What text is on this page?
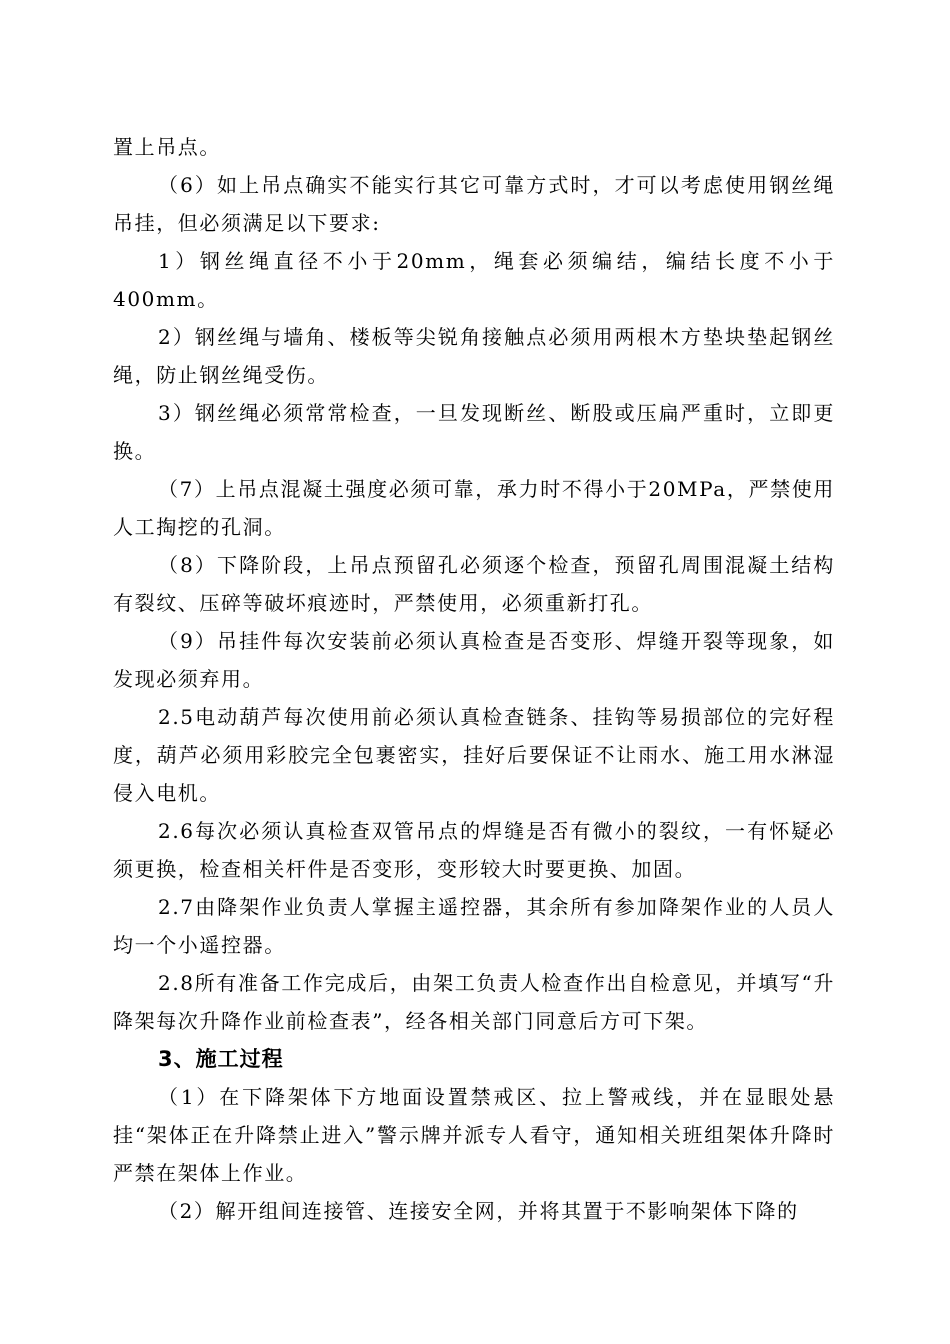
置上吊点。

（6）如上吊点确实不能实行其它可靠方式时，才可以考虑使用钢丝绳吊挂，但必须满足以下要求:

1）钢丝绳直径不小于20mm，绳套必须编结，编结长度不小于400mm。

2）钢丝绳与墙角、楼板等尖锐角接触点必须用两根木方垫块垫起钢丝绳，防止钢丝绳受伤。

3）钢丝绳必须常常检查，一旦发现断丝、断股或压扁严重时，立即更换。

（7）上吊点混凝土强度必须可靠，承力时不得小于20MPa，严禁使用人工掏挖的孔洞。

（8）下降阶段，上吊点预留孔必须逐个检查，预留孔周围混凝土结构有裂纹、压碎等破坏痕迹时，严禁使用，必须重新打孔。

（9）吊挂件每次安装前必须认真检查是否变形、焊缝开裂等现象，如发现必须弃用。

2.5电动葫芦每次使用前必须认真检查链条、挂钩等易损部位的完好程度，葫芦必须用彩胶完全包裹密实，挂好后要保证不让雨水、施工用水淋湿侵入电机。

2.6每次必须认真检查双管吊点的焊缝是否有微小的裂纹，一有怀疑必须更换，检查相关杆件是否变形，变形较大时要更换、加固。

2.7由降架作业负责人掌握主遥控器，其余所有参加降架作业的人员人均一个小遥控器。

2.8所有准备工作完成后，由架工负责人检查作出自检意见，并填写“升降架每次升降作业前检查表”，经各相关部门同意后方可下架。

3、施工过程

（1）在下降架体下方地面设置禁戒区、拉上警戒线，并在显眼处悬挂“架体正在升降禁止进入”警示牌并派专人看守，通知相关班组架体升降时严禁在架体上作业。

（2）解开组间连接管、连接安全网，并将其置于不影响架体下降的
